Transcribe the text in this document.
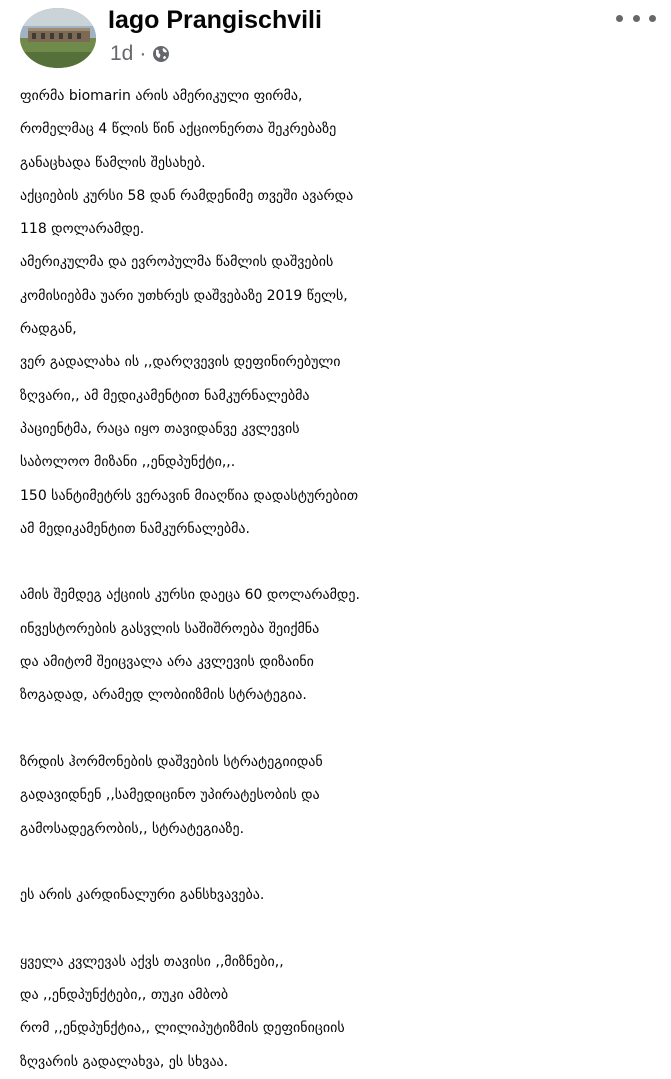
Iago Prangischvili
1d ·
ფირმა biomarin არის ამერიკული ფირმა,
რომელმაც 4 წლის წინ აქციონერთა შეკრებაზე
განაცხადა წამლის შესახებ.
აქციების კურსი 58 დან რამდენიმე თვეში ავარდა
118 დოლარამდე.
ამერიკულმა და ევროპულმა წამლის დაშვების
კომისიებმა უარი უთხრეს დაშვებაზე 2019 წელს,
რადგან,
ვერ გადალახა ის ,,დარღვევის დეფინირებული
ზღვარი,, ამ მედიკამენტით ნამკურნალებმა
პაციენტმა, რაცა იყო თავიდანვე კვლევის
საბოლოო მიზანი ,,ენდპუნქტი,,.
150 სანტიმეტრს ვერავინ მიაღწია დადასტურებით
ამ მედიკამენტით ნამკურნალებმა.
ამის შემდეგ აქციის კურსი დაეცა 60 დოლარამდე.
ინვესტორების გასვლის საშიშროება შეიქმნა
და ამიტომ შეიცვალა არა კვლევის დიზაინი
ზოგადად, არამედ ლობიიზმის სტრატეგია.
ზრდის ჰორმონების დაშვების სტრატეგიიდან
გადავიდნენ ,,სამედიცინო უპირატესობის და
გამოსადეგრობის,, სტრატეგიაზე.
ეს არის კარდინალური განსხვავება.
ყველა კვლევას აქვს თავისი ,,მიზნები,,
და ,,ენდპუნქტები,, თუკი ამბობ
რომ ,,ენდპუნქტია,, ლილიპუტიზმის დეფინიციის
ზღვარის გადალახვა, ეს სხვაა.
